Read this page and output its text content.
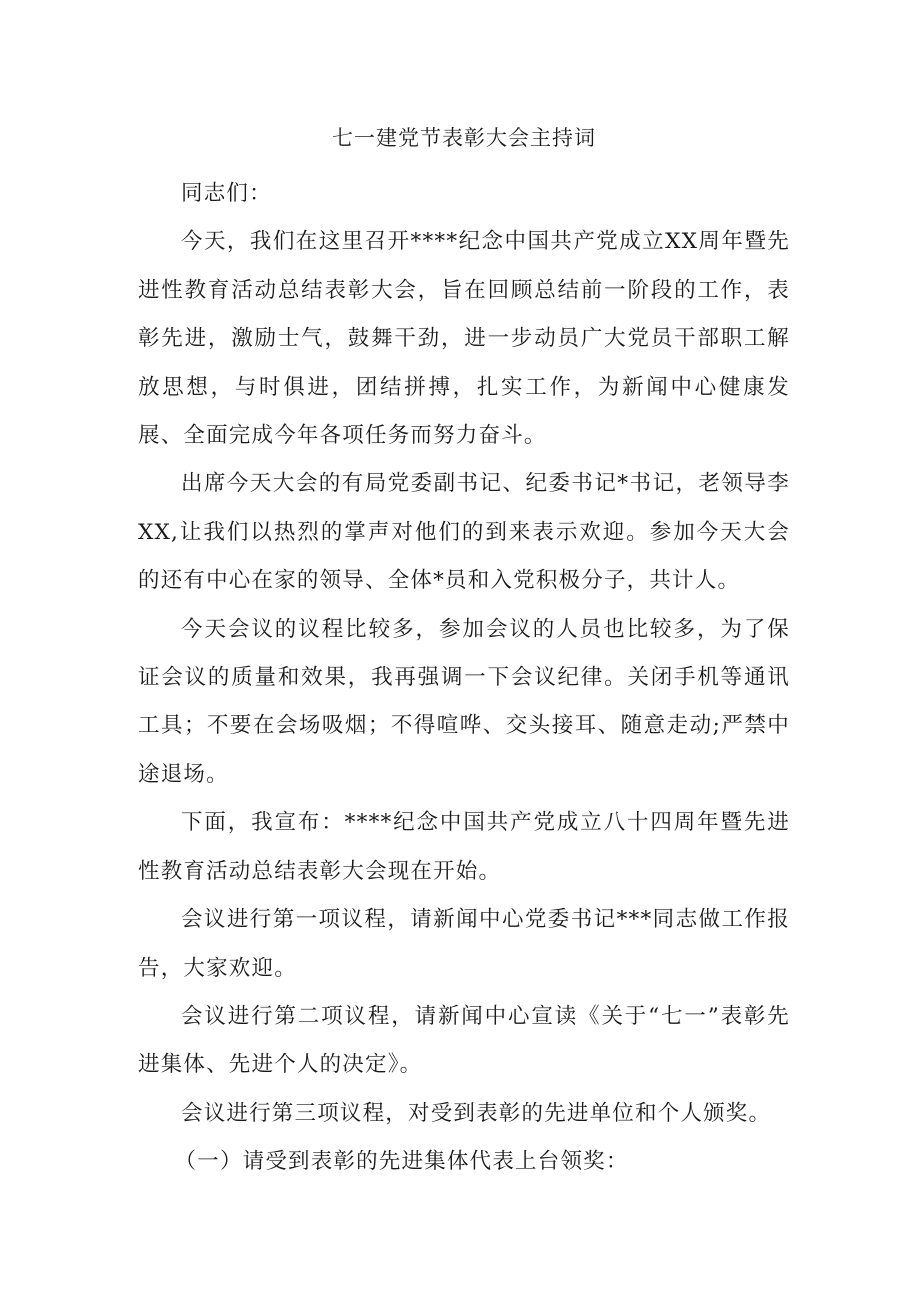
七一建党节表彰大会主持词

同志们：

今天，我们在这里召开****纪念中国共产党成立XX周年暨先进性教育活动总结表彰大会，旨在回顾总结前一阶段的工作，表彰先进，激励士气，鼓舞干劲，进一步动员广大党员干部职工解放思想，与时俱进，团结拼搏，扎实工作，为新闻中心健康发展、全面完成今年各项任务而努力奋斗。

出席今天大会的有局党委副书记、纪委书记*书记，老领导李XX,让我们以热烈的掌声对他们的到来表示欢迎。参加今天大会的还有中心在家的领导、全体*员和入党积极分子，共计人。

今天会议的议程比较多，参加会议的人员也比较多，为了保证会议的质量和效果，我再强调一下会议纪律。关闭手机等通讯工具；不要在会场吸烟；不得喧哗、交头接耳、随意走动;严禁中途退场。

下面，我宣布：****纪念中国共产党成立八十四周年暨先进性教育活动总结表彰大会现在开始。

会议进行第一项议程，请新闻中心党委书记***同志做工作报告，大家欢迎。

会议进行第二项议程，请新闻中心宣读《关于“七一”表彰先进集体、先进个人的决定》。

会议进行第三项议程，对受到表彰的先进单位和个人颁奖。

（一）请受到表彰的先进集体代表上台领奖：
